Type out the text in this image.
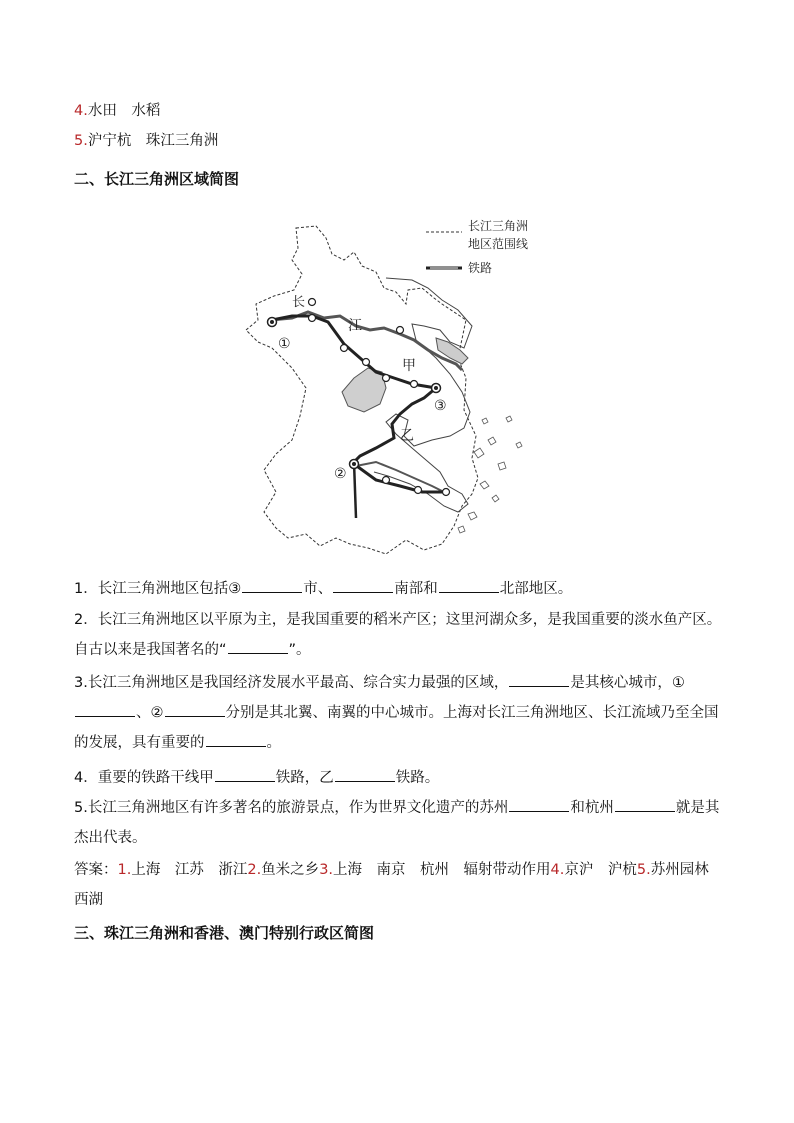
4.水田　水稻
5.沪宁杭　珠江三角洲
二、长江三角洲区域简图
①
③
②
长
江
甲
乙
长江三角洲
地区范围线
铁路
1．长江三角洲地区包括③	市、	南部和	北部地区。
2．长江三角洲地区以平原为主，是我国重要的稻米产区；这里河湖众多，是我国重要的淡水鱼产区。自古以来是我国著名的“	”。
3.长江三角洲地区是我国经济发展水平最高、综合实力最强的区域，	是其核心城市，①、②	分别是其北翼、南翼的中心城市。上海对长江三角洲地区、长江流域乃至全国的发展，具有重要的	。
4．重要的铁路干线甲	铁路，乙	铁路。
5.长江三角洲地区有许多著名的旅游景点，作为世界文化遗产的苏州	和杭州	就是其杰出代表。
答案：1.上海　江苏　浙江2.鱼米之乡3.上海　南京　杭州　辐射带动作用4.京沪　沪杭5.苏州园林　西湖
三、珠江三角洲和香港、澳门特别行政区简图
